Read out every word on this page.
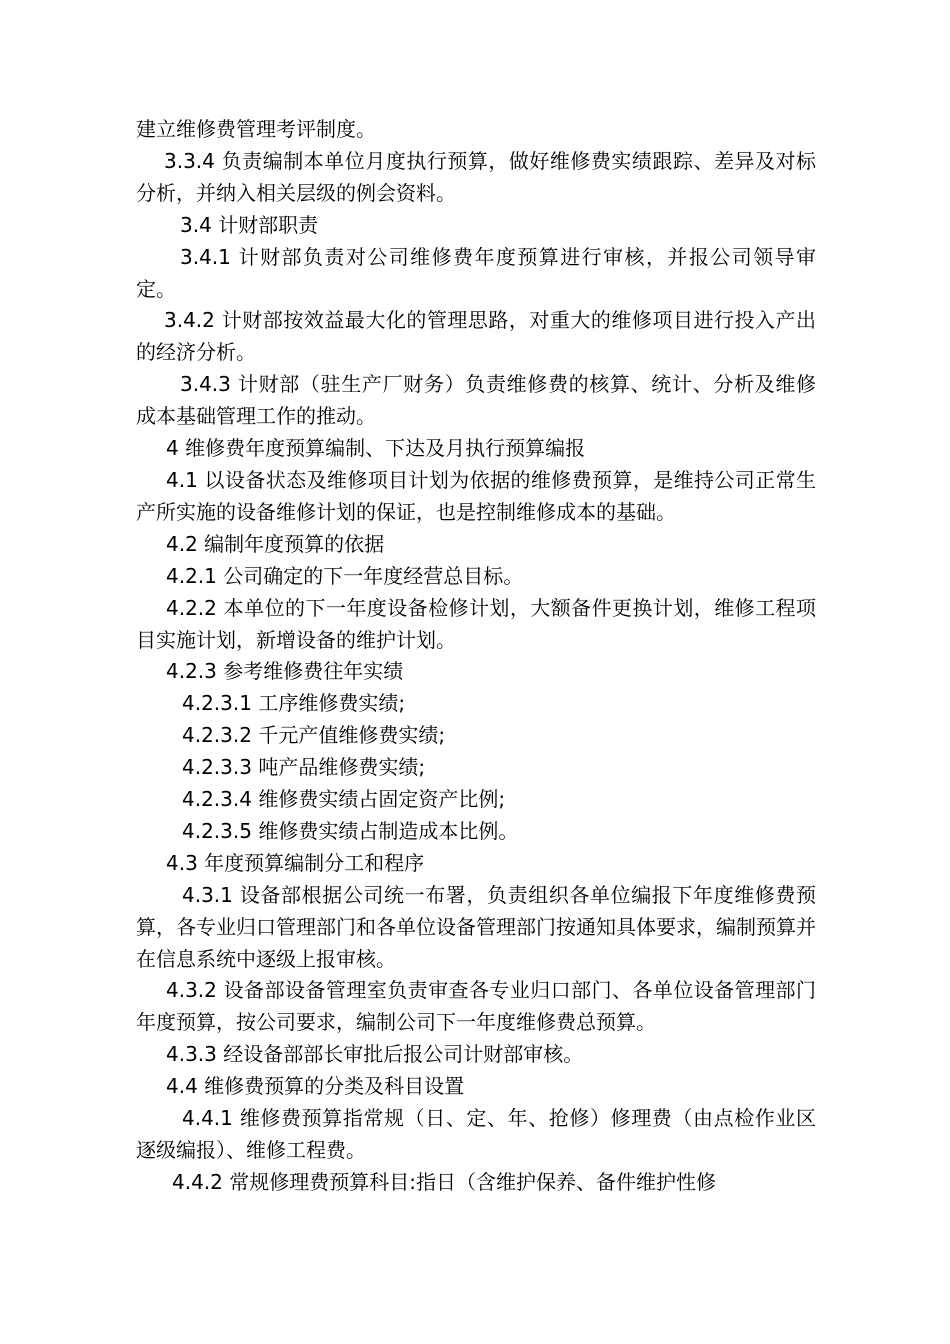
建立维修费管理考评制度。

3.3.4 负责编制本单位月度执行预算，做好维修费实绩跟踪、差异及对标分析，并纳入相关层级的例会资料。

3.4 计财部职责

3.4.1 计财部负责对公司维修费年度预算进行审核，并报公司领导审定。

3.4.2 计财部按效益最大化的管理思路，对重大的维修项目进行投入产出的经济分析。

3.4.3 计财部（驻生产厂财务）负责维修费的核算、统计、分析及维修成本基础管理工作的推动。

4 维修费年度预算编制、下达及月执行预算编报

4.1 以设备状态及维修项目计划为依据的维修费预算，是维持公司正常生产所实施的设备维修计划的保证，也是控制维修成本的基础。

4.2 编制年度预算的依据

4.2.1 公司确定的下一年度经营总目标。

4.2.2 本单位的下一年度设备检修计划，大额备件更换计划，维修工程项目实施计划，新增设备的维护计划。

4.2.3 参考维修费往年实绩

4.2.3.1 工序维修费实绩;

4.2.3.2 千元产值维修费实绩;

4.2.3.3 吨产品维修费实绩;

4.2.3.4 维修费实绩占固定资产比例;

4.2.3.5 维修费实绩占制造成本比例。

4.3 年度预算编制分工和程序

4.3.1 设备部根据公司统一布署，负责组织各单位编报下年度维修费预算，各专业归口管理部门和各单位设备管理部门按通知具体要求，编制预算并在信息系统中逐级上报审核。

4.3.2 设备部设备管理室负责审查各专业归口部门、各单位设备管理部门年度预算，按公司要求，编制公司下一年度维修费总预算。

4.3.3 经设备部部长审批后报公司计财部审核。

4.4 维修费预算的分类及科目设置

4.4.1 维修费预算指常规（日、定、年、抢修）修理费（由点检作业区逐级编报）、维修工程费。

4.4.2 常规修理费预算科目:指日（含维护保养、备件维护性修
